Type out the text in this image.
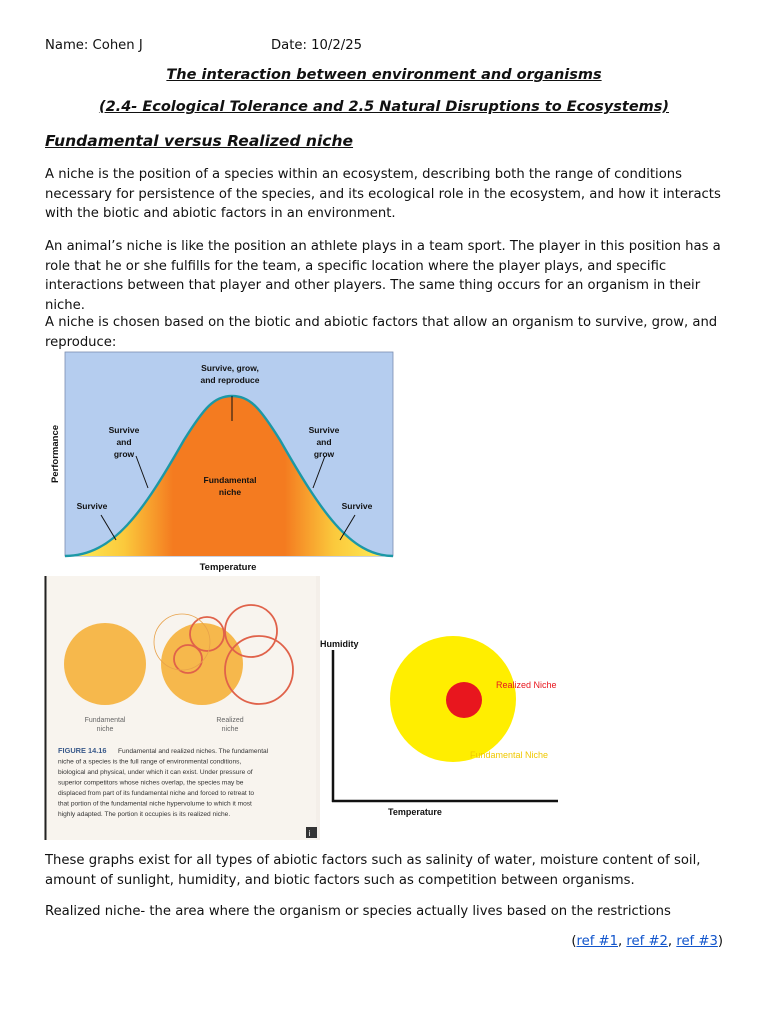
Name: Cohen J	Date: 10/2/25
The interaction between environment and organisms
(2.4- Ecological Tolerance and 2.5 Natural Disruptions to Ecosystems)
Fundamental versus Realized niche
A niche is the position of a species within an ecosystem, describing both the range of conditions necessary for persistence of the species, and its ecological role in the ecosystem, and how it interacts with the biotic and abiotic factors in an environment.
An animal’s niche is like the position an athlete plays in a team sport. The player in this position has a role that he or she fulfills for the team, a specific location where the player plays, and specific interactions between that player and other players. The same thing occurs for an organism in their niche.
A niche is chosen based on the biotic and abiotic factors that allow an organism to survive, grow, and reproduce:
Survive, grow,
and reproduce
Survive
and
grow
Survive
and
grow
Survive	Survive
Fundamental
niche
Temperature
Performance
Fundamental
niche
Realized
niche
FIGURE 14.16 Fundamental and realized niches. The fundamental
niche of a species is the full range of environmental conditions,
biological and physical, under which it can exist. Under pressure of
superior competitors whose niches overlap, the species may be
displaced from part of its fundamental niche and forced to retreat to
that portion of the fundamental niche hypervolume to which it most
highly adapted. The portion it occupies is its realized niche.
i
Humidity
Temperature
Realized Niche
Fundamental Niche
These graphs exist for all types of abiotic factors such as salinity of water, moisture content of soil, amount of sunlight, humidity, and biotic factors such as competition between organisms.
Realized niche- the area where the organism or species actually lives based on the restrictions
(ref #1, ref #2, ref #3)
